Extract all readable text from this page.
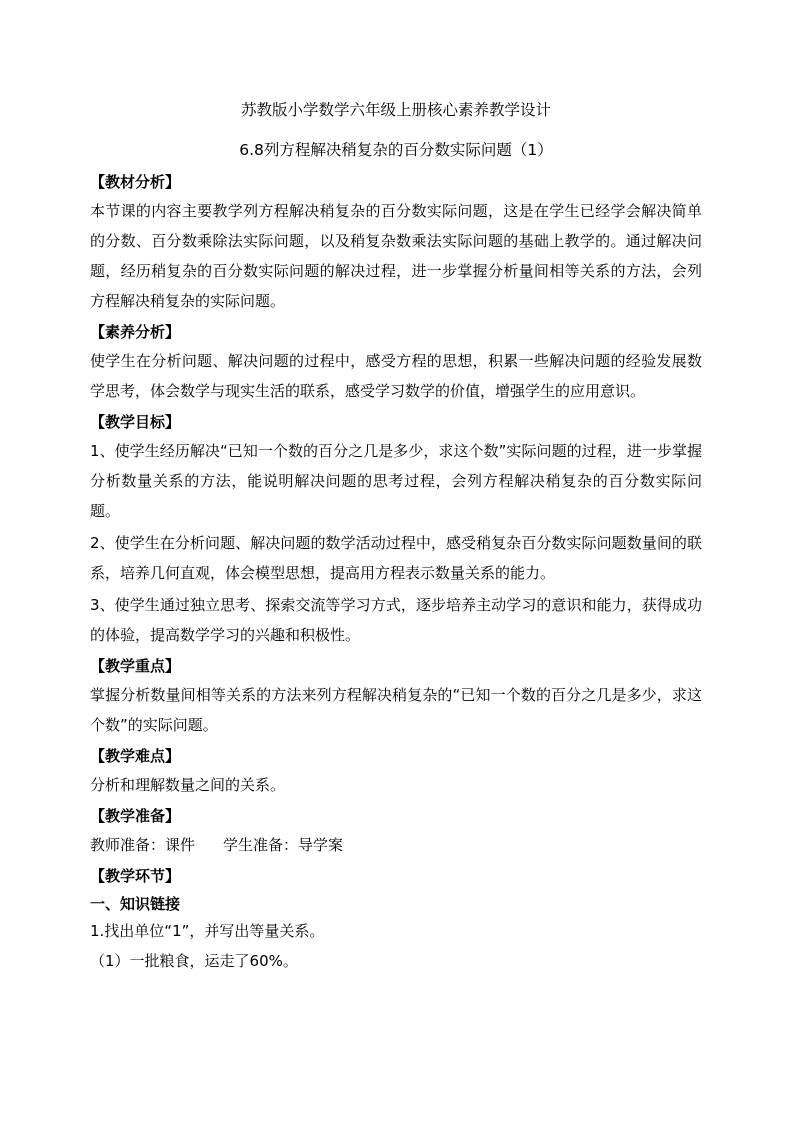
苏教版小学数学六年级上册核心素养教学设计

6.8列方程解决稍复杂的百分数实际问题（1）

【教材分析】

本节课的内容主要教学列方程解决稍复杂的百分数实际问题，这是在学生已经学会解决简单的分数、百分数乘除法实际问题，以及稍复杂数乘法实际问题的基础上教学的。通过解决问题，经历稍复杂的百分数实际问题的解决过程，进一步掌握分析量间相等关系的方法，会列方程解决稍复杂的实际问题。

【素养分析】

使学生在分析问题、解决问题的过程中，感受方程的思想，积累一些解决问题的经验发展数学思考，体会数学与现实生活的联系，感受学习数学的价值，增强学生的应用意识。

【教学目标】

1、使学生经历解决“已知一个数的百分之几是多少，求这个数”实际问题的过程，进一步掌握分析数量关系的方法，能说明解决问题的思考过程，会列方程解决稍复杂的百分数实际问题。

2、使学生在分析问题、解决问题的数学活动过程中，感受稍复杂百分数实际问题数量间的联系，培养几何直观，体会模型思想，提高用方程表示数量关系的能力。

3、使学生通过独立思考、探索交流等学习方式，逐步培养主动学习的意识和能力，获得成功的体验，提高数学学习的兴趣和积极性。

【教学重点】

掌握分析数量间相等关系的方法来列方程解决稍复杂的“已知一个数的百分之几是多少，求这个数”的实际问题。

【教学难点】

分析和理解数量之间的关系。

【教学准备】

教师准备：课件 学生准备：导学案

【教学环节】

一、知识链接

1.找出单位“1”，并写出等量关系。

（1）一批粮食，运走了60%。
